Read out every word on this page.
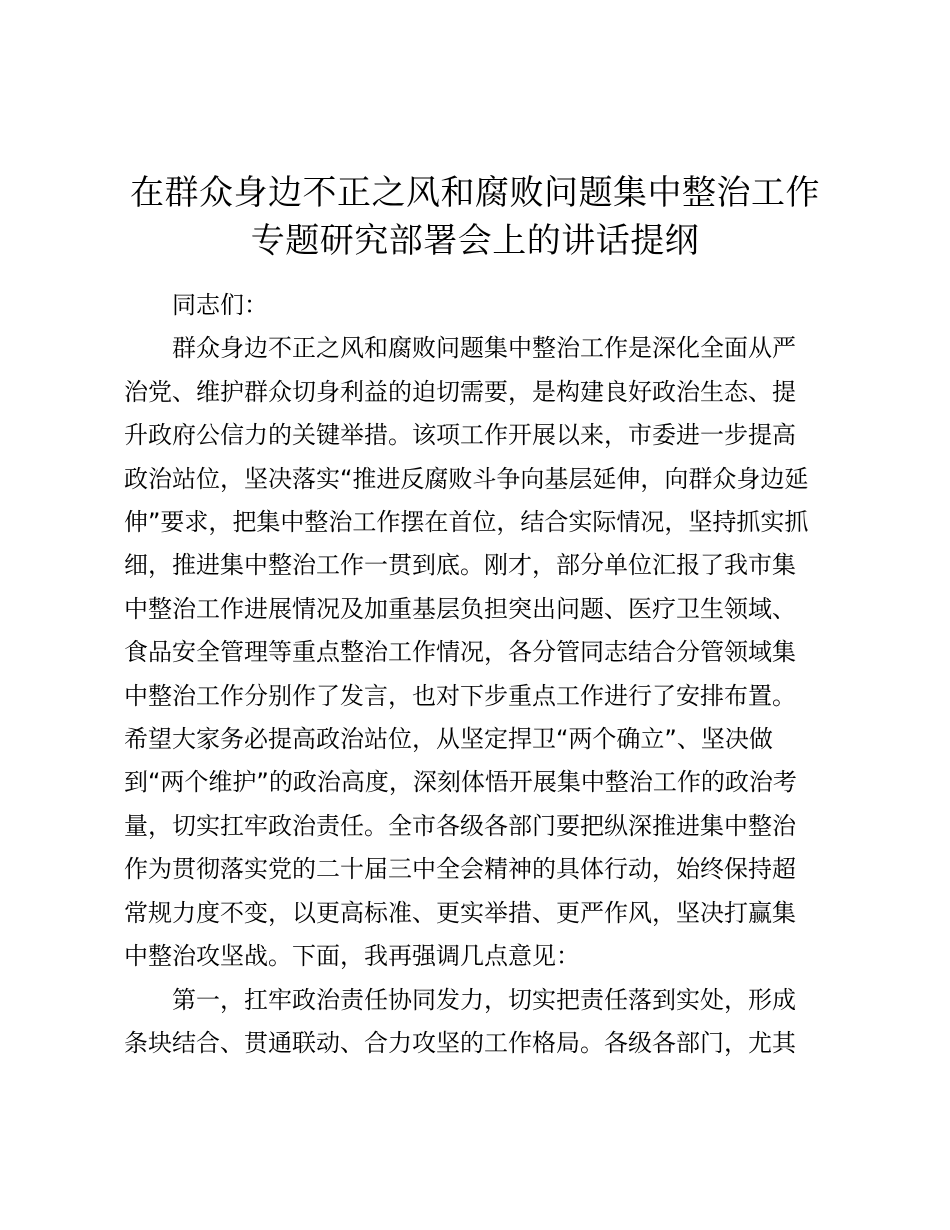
在群众身边不正之风和腐败问题集中整治工作
专题研究部署会上的讲话提纲

同志们：

群众身边不正之风和腐败问题集中整治工作是深化全面从严

治党、维护群众切身利益的迫切需要，是构建良好政治生态、提

升政府公信力的关键举措。该项工作开展以来，市委进一步提高

政治站位，坚决落实“推进反腐败斗争向基层延伸，向群众身边延

伸”要求，把集中整治工作摆在首位，结合实际情况，坚持抓实抓

细，推进集中整治工作一贯到底。刚才，部分单位汇报了我市集

中整治工作进展情况及加重基层负担突出问题、医疗卫生领域、

食品安全管理等重点整治工作情况，各分管同志结合分管领域集

中整治工作分别作了发言，也对下步重点工作进行了安排布置。

希望大家务必提高政治站位，从坚定捍卫“两个确立”、坚决做

到“两个维护”的政治高度，深刻体悟开展集中整治工作的政治考

量，切实扛牢政治责任。全市各级各部门要把纵深推进集中整治

作为贯彻落实党的二十届三中全会精神的具体行动，始终保持超

常规力度不变，以更高标准、更实举措、更严作风，坚决打赢集

中整治攻坚战。下面，我再强调几点意见：

第一，扛牢政治责任协同发力，切实把责任落到实处，形成

条块结合、贯通联动、合力攻坚的工作格局。各级各部门，尤其
